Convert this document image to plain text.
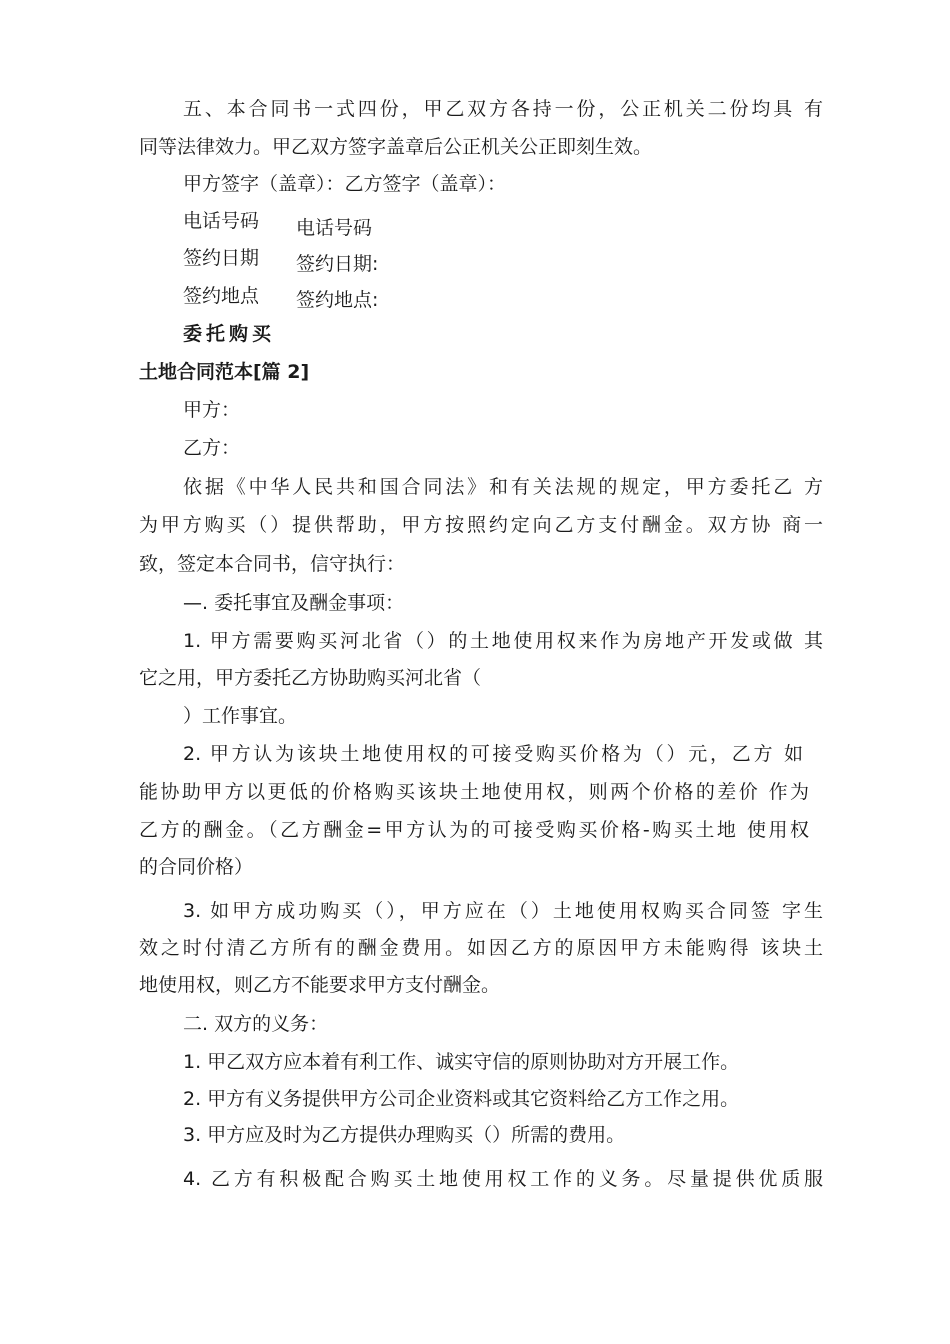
五、本合同书一式四份，甲乙双方各持一份，公正机关二份均具 有
同等法律效力。甲乙双方签字盖章后公正机关公正即刻生效。
甲方签字（盖章）：乙方签字（盖章）：
电话号码 电话号码
签约日期 签约日期:
签约地点 签约地点:
委托购买
土地合同范本[篇 2]
甲方：
乙方：
依据《中华人民共和国合同法》和有关法规的规定，甲方委托乙 方
为甲方购买（）提供帮助，甲方按照约定向乙方支付酬金。双方协 商一
致，签定本合同书，信守执行：
—. 委托事宜及酬金事项：
1. 甲方需要购买河北省（）的土地使用权来作为房地产开发或做 其
它之用，甲方委托乙方协助购买河北省（
）工作事宜。
2. 甲方认为该块土地使用权的可接受购买价格为（）元，乙方 如
能协助甲方以更低的价格购买该块土地使用权，则两个价格的差价 作为
乙方的酬金。（乙方酬金=甲方认为的可接受购买价格-购买土地 使用权
的合同价格）
3. 如甲方成功购买（），甲方应在（）土地使用权购买合同签 字生
效之时付清乙方所有的酬金费用。如因乙方的原因甲方未能购得 该块土
地使用权，则乙方不能要求甲方支付酬金。
二. 双方的义务：
1. 甲乙双方应本着有利工作、诚实守信的原则协助对方开展工作。
2. 甲方有义务提供甲方公司企业资料或其它资料给乙方工作之用。
3. 甲方应及时为乙方提供办理购买（）所需的费用。
4. 乙方有积极配合购买土地使用权工作的义务。尽量提供优质服
